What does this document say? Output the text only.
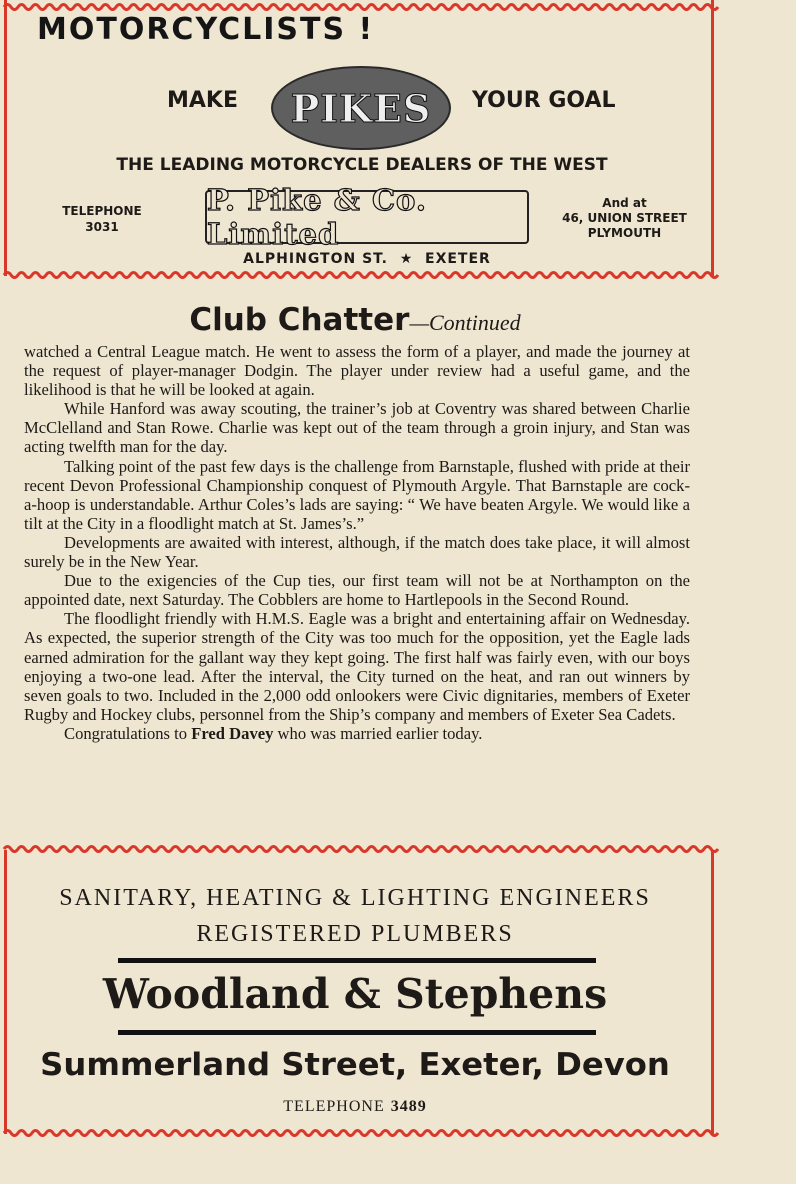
MOTORCYCLISTS !
MAKE PIKES YOUR GOAL
THE LEADING MOTORCYCLE DEALERS OF THE WEST
TELEPHONE
3031
P. Pike & Co. Limited
And at
46, UNION STREET
PLYMOUTH
ALPHINGTON ST. ★ EXETER
Club Chatter—Continued

watched a Central League match. He went to assess the form of a player, and made the journey at the request of player-manager Dodgin. The player under review had a useful game, and the likelihood is that he will be looked at again.

While Hanford was away scouting, the trainer’s job at Coventry was shared between Charlie McClelland and Stan Rowe. Charlie was kept out of the team through a groin injury, and Stan was acting twelfth man for the day.

Talking point of the past few days is the challenge from Barnstaple, flushed with pride at their recent Devon Professional Championship conquest of Plymouth Argyle. That Barnstaple are cock-a-hoop is understandable. Arthur Coles’s lads are saying: “ We have beaten Argyle. We would like a tilt at the City in a floodlight match at St. James’s.”

Developments are awaited with interest, although, if the match does take place, it will almost surely be in the New Year.

Due to the exigencies of the Cup ties, our first team will not be at Northampton on the appointed date, next Saturday. The Cobblers are home to Hartlepools in the Second Round.

The floodlight friendly with H.M.S. Eagle was a bright and entertaining affair on Wednesday. As expected, the superior strength of the City was too much for the opposition, yet the Eagle lads earned admiration for the gallant way they kept going. The first half was fairly even, with our boys enjoying a two-one lead. After the interval, the City turned on the heat, and ran out winners by seven goals to two. Included in the 2,000 odd onlookers were Civic dignitaries, members of Exeter Rugby and Hockey clubs, personnel from the Ship’s company and members of Exeter Sea Cadets.

Congratulations to Fred Davey who was married earlier today.

SANITARY, HEATING & LIGHTING ENGINEERS
REGISTERED PLUMBERS
Woodland & Stephens
Summerland Street, Exeter, Devon
TELEPHONE 3489
